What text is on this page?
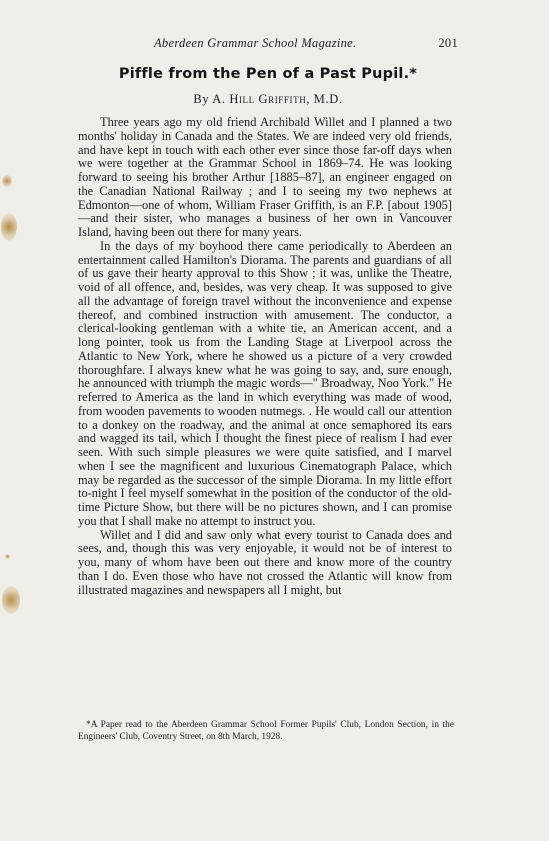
Aberdeen Grammar School Magazine.	201
Piffle from the Pen of a Past Pupil.*
By A. Hill Griffith, M.D.

Three years ago my old friend Archibald Willet and I planned a two months' holiday in Canada and the States. We are indeed very old friends, and have kept in touch with each other ever since those far-off days when we were together at the Grammar School in 1869–74. He was looking forward to seeing his brother Arthur [1885–87], an engineer engaged on the Canadian National Railway ; and I to seeing my two nephews at Edmonton—one of whom, William Fraser Griffith, is an F.P. [about 1905]—and their sister, who manages a business of her own in Vancouver Island, having been out there for many years.

In the days of my boyhood there came periodically to Aberdeen an entertainment called Hamilton's Diorama. The parents and guardians of all of us gave their hearty approval to this Show ; it was, unlike the Theatre, void of all offence, and, besides, was very cheap. It was supposed to give all the advantage of foreign travel without the inconvenience and expense thereof, and combined instruction with amusement. The conductor, a clerical-looking gentleman with a white tie, an American accent, and a long pointer, took us from the Landing Stage at Liverpool across the Atlantic to New York, where he showed us a picture of a very crowded thoroughfare. I always knew what he was going to say, and, sure enough, he announced with triumph the magic words—" Broadway, Noo York." He referred to America as the land in which everything was made of wood, from wooden pavements to wooden nutmegs. . He would call our attention to a donkey on the roadway, and the animal at once semaphored its ears and wagged its tail, which I thought the finest piece of realism I had ever seen. With such simple pleasures we were quite satisfied, and I marvel when I see the magnificent and luxurious Cinematograph Palace, which may be regarded as the successor of the simple Diorama. In my little effort to-night I feel myself somewhat in the position of the conductor of the old-time Picture Show, but there will be no pictures shown, and I can promise you that I shall make no attempt to instruct you.

Willet and I did and saw only what every tourist to Canada does and sees, and, though this was very enjoyable, it would not be of interest to you, many of whom have been out there and know more of the country than I do. Even those who have not crossed the Atlantic will know from illustrated magazines and newspapers all I might, but

*A Paper read to the Aberdeen Grammar School Former Pupils' Club, London Section, in the Engineers' Club, Coventry Street, on 8th March, 1928.
